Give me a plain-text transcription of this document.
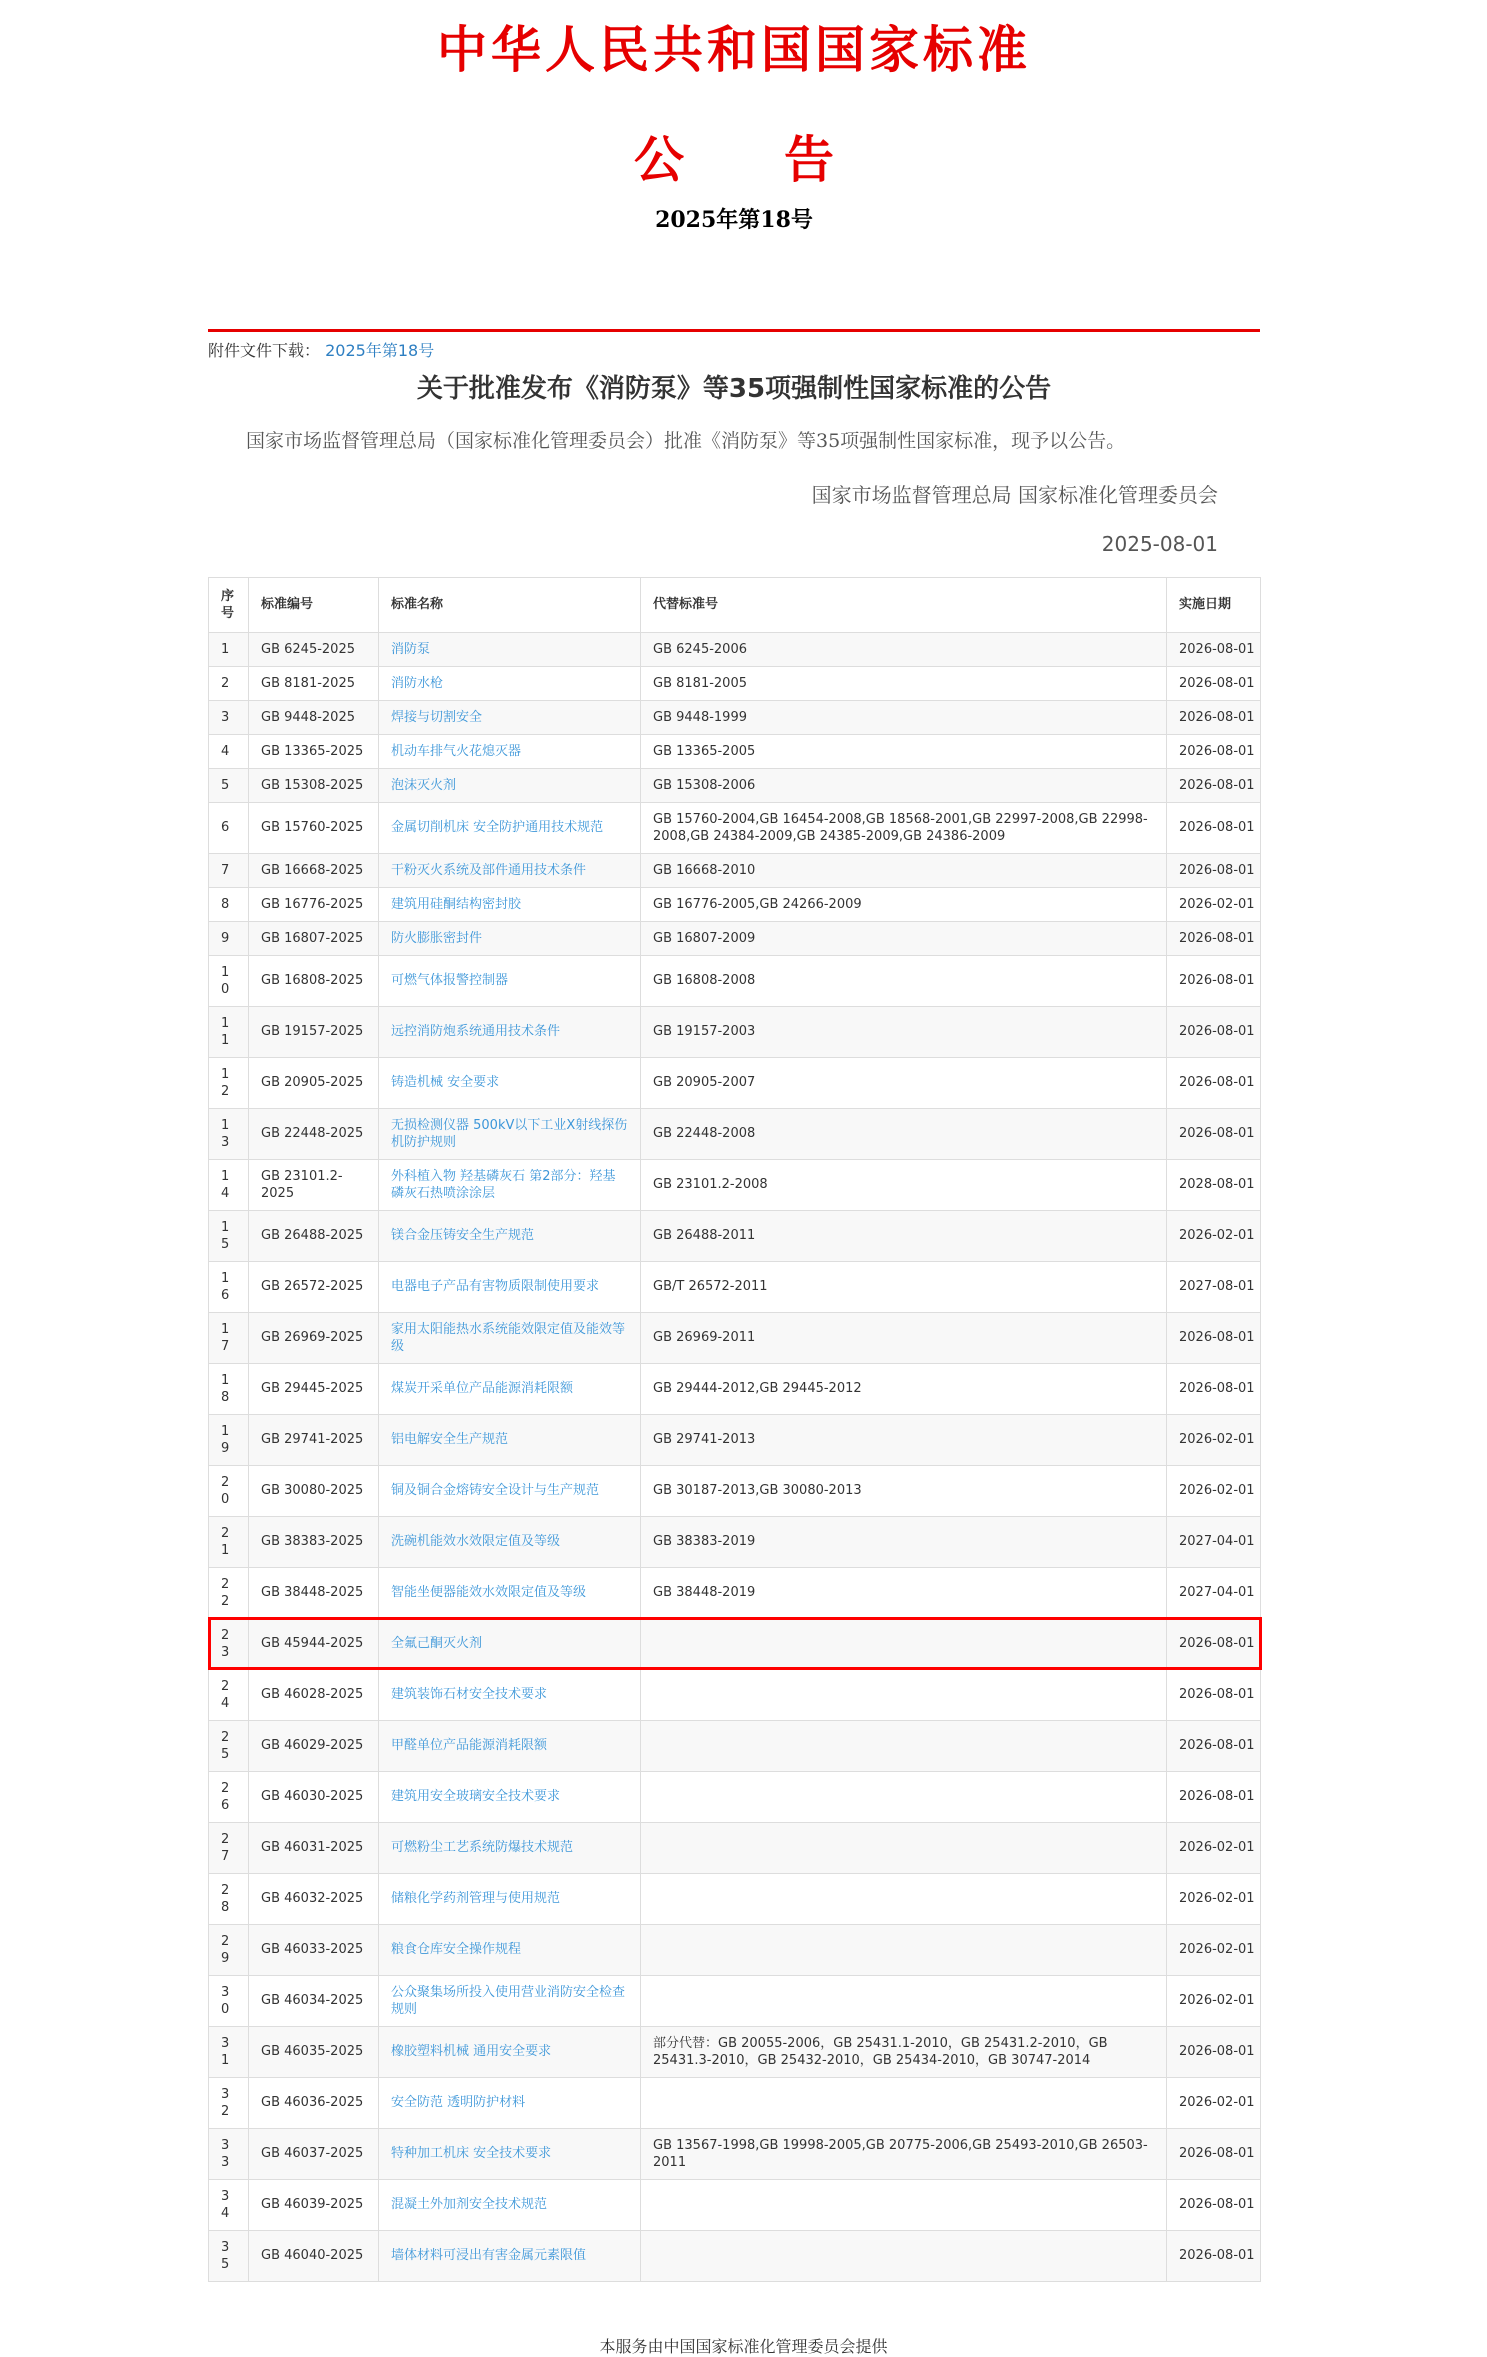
中华人民共和国国家标准
公　　告
2025年第18号
附件文件下载： 2025年第18号
关于批准发布《消防泵》等35项强制性国家标准的公告

国家市场监督管理总局（国家标准化管理委员会）批准《消防泵》等35项强制性国家标准，现予以公告。

国家市场监督管理总局 国家标准化管理委员会
2025-08-01
序号	标准编号	标准名称	代替标准号	实施日期
1	GB 6245-2025	消防泵	GB 6245-2006	2026-08-01
2	GB 8181-2025	消防水枪	GB 8181-2005	2026-08-01
3	GB 9448-2025	焊接与切割安全	GB 9448-1999	2026-08-01
4	GB 13365-2025	机动车排气火花熄灭器	GB 13365-2005	2026-08-01
5	GB 15308-2025	泡沫灭火剂	GB 15308-2006	2026-08-01
6	GB 15760-2025	金属切削机床 安全防护通用技术规范	GB 15760-2004,GB 16454-2008,GB 18568-2001,GB 22997-2008,GB 22998-2008,GB 24384-2009,GB 24385-2009,GB 24386-2009	2026-08-01
7	GB 16668-2025	干粉灭火系统及部件通用技术条件	GB 16668-2010	2026-08-01
8	GB 16776-2025	建筑用硅酮结构密封胶	GB 16776-2005,GB 24266-2009	2026-02-01
9	GB 16807-2025	防火膨胀密封件	GB 16807-2009	2026-08-01
10	GB 16808-2025	可燃气体报警控制器	GB 16808-2008	2026-08-01
11	GB 19157-2025	远控消防炮系统通用技术条件	GB 19157-2003	2026-08-01
12	GB 20905-2025	铸造机械 安全要求	GB 20905-2007	2026-08-01
13	GB 22448-2025	无损检测仪器 500kV以下工业X射线探伤机防护规则	GB 22448-2008	2026-08-01
14	GB 23101.2-2025	外科植入物 羟基磷灰石 第2部分：羟基磷灰石热喷涂涂层	GB 23101.2-2008	2028-08-01
15	GB 26488-2025	镁合金压铸安全生产规范	GB 26488-2011	2026-02-01
16	GB 26572-2025	电器电子产品有害物质限制使用要求	GB/T 26572-2011	2027-08-01
17	GB 26969-2025	家用太阳能热水系统能效限定值及能效等级	GB 26969-2011	2026-08-01
18	GB 29445-2025	煤炭开采单位产品能源消耗限额	GB 29444-2012,GB 29445-2012	2026-08-01
19	GB 29741-2025	铝电解安全生产规范	GB 29741-2013	2026-02-01
20	GB 30080-2025	铜及铜合金熔铸安全设计与生产规范	GB 30187-2013,GB 30080-2013	2026-02-01
21	GB 38383-2025	洗碗机能效水效限定值及等级	GB 38383-2019	2027-04-01
22	GB 38448-2025	智能坐便器能效水效限定值及等级	GB 38448-2019	2027-04-01
23	GB 45944-2025	全氟己酮灭火剂		2026-08-01
24	GB 46028-2025	建筑装饰石材安全技术要求		2026-08-01
25	GB 46029-2025	甲醛单位产品能源消耗限额		2026-08-01
26	GB 46030-2025	建筑用安全玻璃安全技术要求		2026-08-01
27	GB 46031-2025	可燃粉尘工艺系统防爆技术规范		2026-02-01
28	GB 46032-2025	储粮化学药剂管理与使用规范		2026-02-01
29	GB 46033-2025	粮食仓库安全操作规程		2026-02-01
30	GB 46034-2025	公众聚集场所投入使用营业消防安全检查规则		2026-02-01
31	GB 46035-2025	橡胶塑料机械 通用安全要求	部分代替：GB 20055-2006，GB 25431.1-2010，GB 25431.2-2010，GB 25431.3-2010，GB 25432-2010，GB 25434-2010，GB 30747-2014	2026-08-01
32	GB 46036-2025	安全防范 透明防护材料		2026-02-01
33	GB 46037-2025	特种加工机床 安全技术要求	GB 13567-1998,GB 19998-2005,GB 20775-2006,GB 25493-2010,GB 26503-2011	2026-08-01
34	GB 46039-2025	混凝土外加剂安全技术规范		2026-08-01
35	GB 46040-2025	墙体材料可浸出有害金属元素限值		2026-08-01
本服务由中国国家标准化管理委员会提供
